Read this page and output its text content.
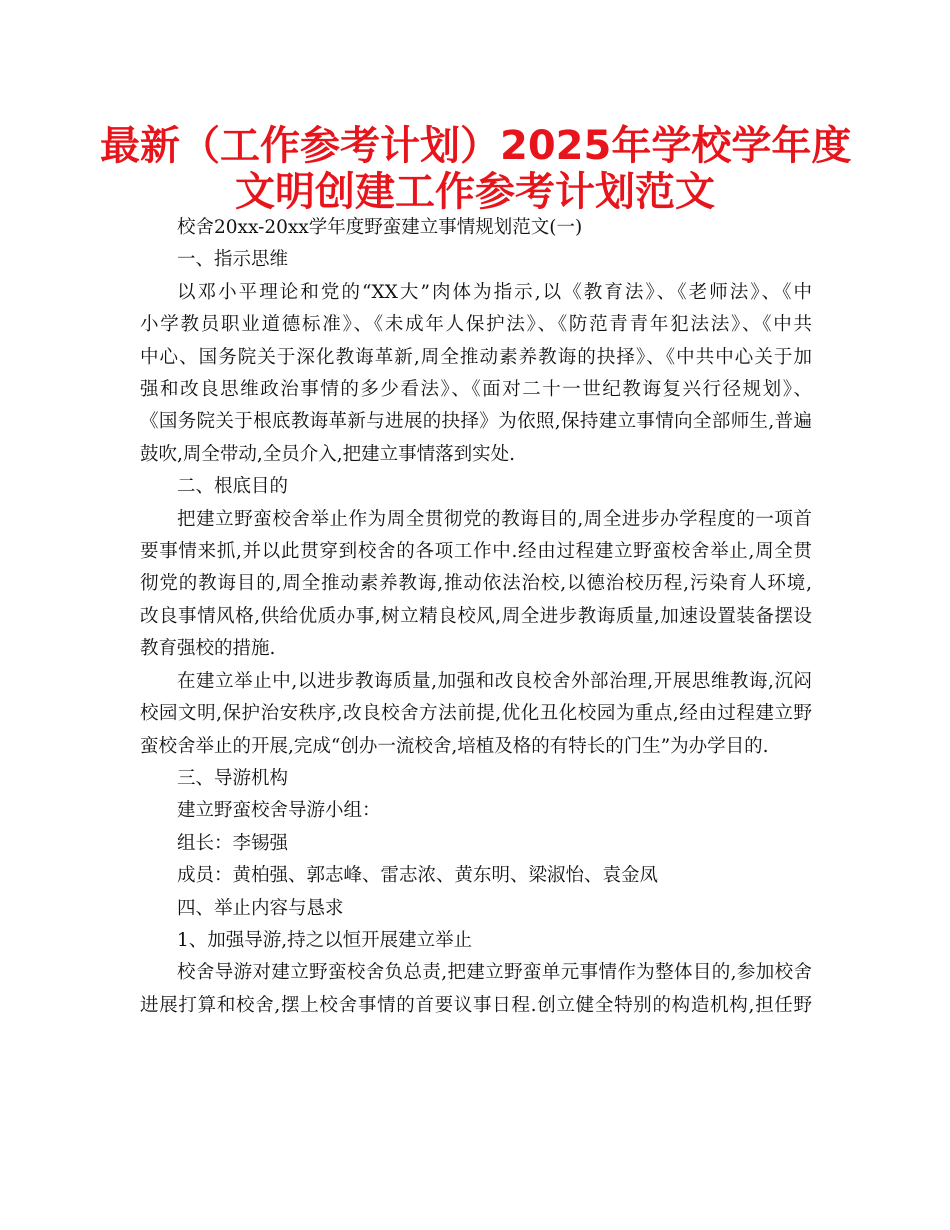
最新（工作参考计划）2025年学校学年度
文明创建工作参考计划范文
校舍20xx-20xx学年度野蛮建立事情规划范文(一)
一、指示思维
以邓小平理论和党的“XX大”肉体为指示,以《教育法》、《老师法》、《中
小学教员职业道德标准》、《未成年人保护法》、《防范青青年犯法法》、《中共
中心、国务院关于深化教诲革新,周全推动素养教诲的抉择》、《中共中心关于加
强和改良思维政治事情的多少看法》、《面对二十一世纪教诲复兴行径规划》、
《国务院关于根底教诲革新与进展的抉择》为依照,保持建立事情向全部师生,普遍
鼓吹,周全带动,全员介入,把建立事情落到实处.
二、根底目的
把建立野蛮校舍举止作为周全贯彻党的教诲目的,周全进步办学程度的一项首
要事情来抓,并以此贯穿到校舍的各项工作中.经由过程建立野蛮校舍举止,周全贯
彻党的教诲目的,周全推动素养教诲,推动依法治校,以德治校历程,污染育人环境,
改良事情风格,供给优质办事,树立精良校风,周全进步教诲质量,加速设置装备摆设
教育强校的措施.
在建立举止中,以进步教诲质量,加强和改良校舍外部治理,开展思维教诲,沉闷
校园文明,保护治安秩序,改良校舍方法前提,优化丑化校园为重点,经由过程建立野
蛮校舍举止的开展,完成“创办一流校舍,培植及格的有特长的门生”为办学目的.
三、导游机构
建立野蛮校舍导游小组：
组长：李锡强
成员：黄柏强、郭志峰、雷志浓、黄东明、梁淑怡、袁金凤
四、举止内容与恳求
1、加强导游,持之以恒开展建立举止
校舍导游对建立野蛮校舍负总责,把建立野蛮单元事情作为整体目的,参加校舍
进展打算和校舍,摆上校舍事情的首要议事日程.创立健全特别的构造机构,担任野
